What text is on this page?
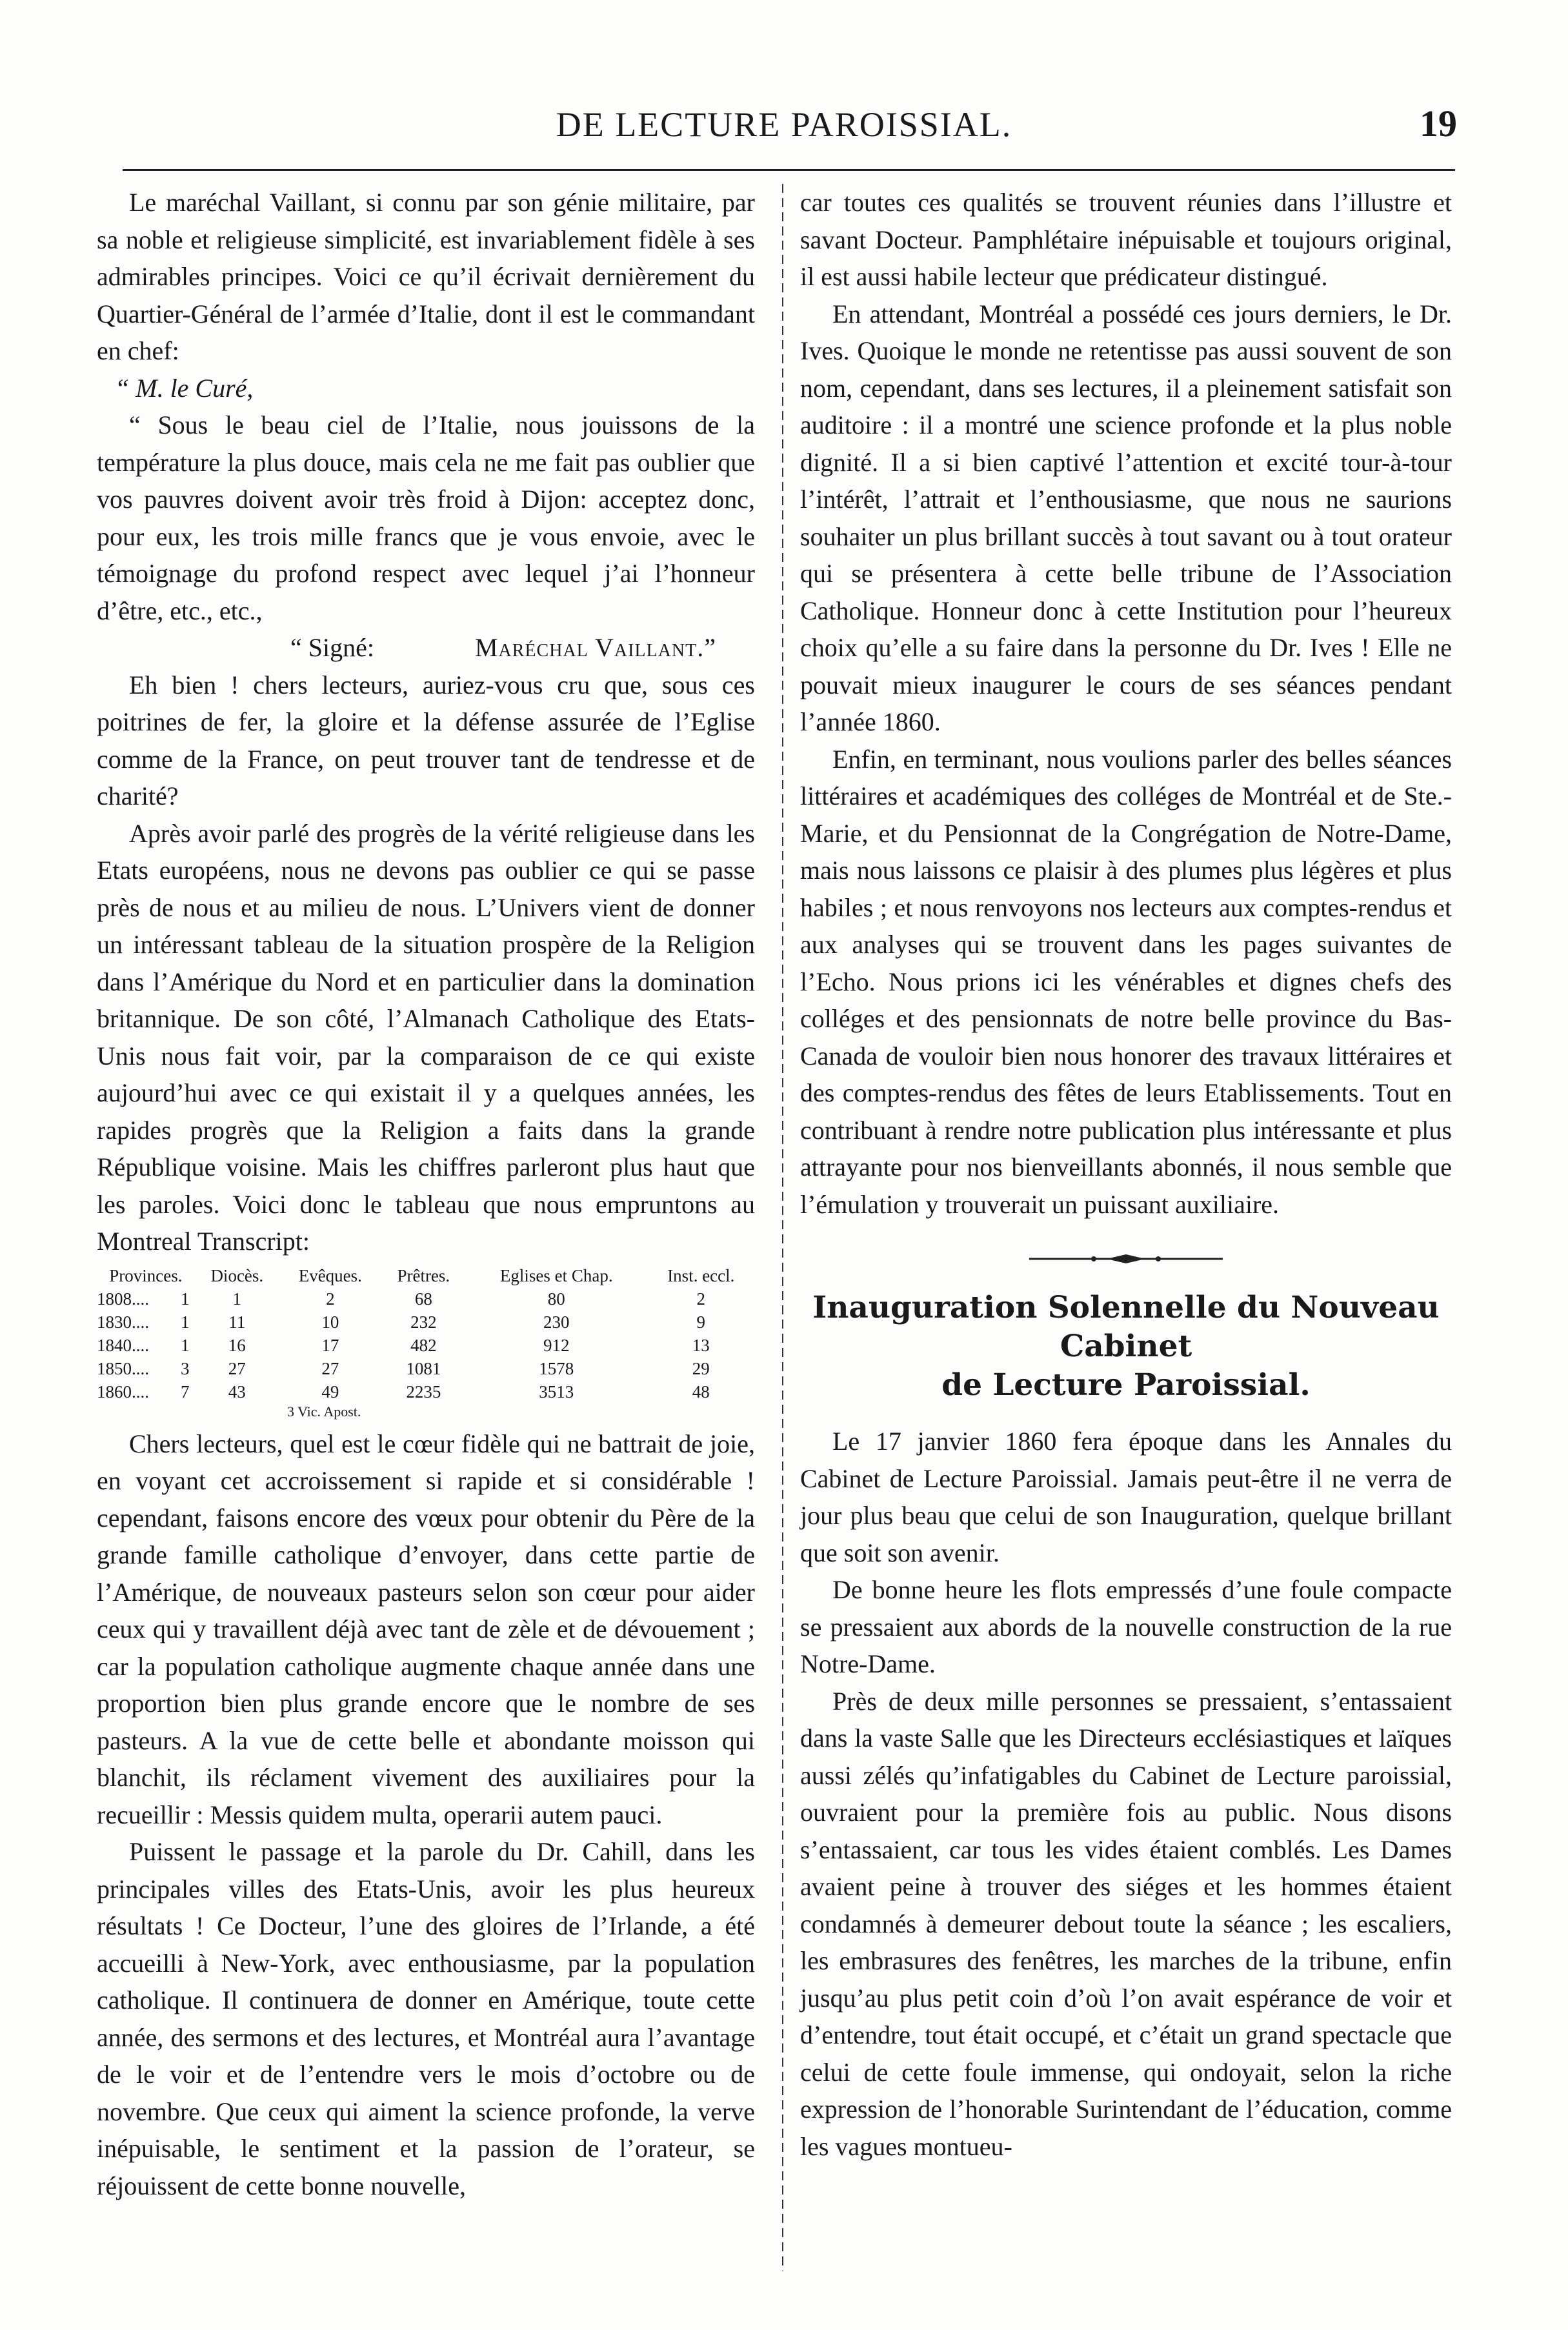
DE LECTURE PAROISSIAL.	19

Le maréchal Vaillant, si connu par son génie militaire, par sa noble et religieuse simplicité, est invariablement fidèle à ses admirables principes. Voici ce qu’il écrivait dernièrement du Quartier-Général de l’armée d’Italie, dont il est le commandant en chef:

“ M. le Curé,

“ Sous le beau ciel de l’Italie, nous jouissons de la température la plus douce, mais cela ne me fait pas oublier que vos pauvres doivent avoir très froid à Dijon: acceptez donc, pour eux, les trois mille francs que je vous envoie, avec le témoignage du profond respect avec lequel j’ai l’honneur d’être, etc., etc.,

“ Signé:	Maréchal Vaillant.”

Eh bien ! chers lecteurs, auriez-vous cru que, sous ces poitrines de fer, la gloire et la défense assurée de l’Eglise comme de la France, on peut trouver tant de tendresse et de charité?

Après avoir parlé des progrès de la vérité religieuse dans les Etats européens, nous ne devons pas oublier ce qui se passe près de nous et au milieu de nous. L’Univers vient de donner un intéressant tableau de la situation prospère de la Religion dans l’Amérique du Nord et en particulier dans la domination britannique. De son côté, l’Almanach Catholique des Etats-Unis nous fait voir, par la comparaison de ce qui existe aujourd’hui avec ce qui existait il y a quelques années, les rapides progrès que la Religion a faits dans la grande République voisine. Mais les chiffres parleront plus haut que les paroles. Voici donc le tableau que nous empruntons au Montreal Transcript:

Provinces.		Diocès.	Evêques.	Prêtres.	Eglises et Chap.	Inst. eccl.
1808....	1	1	2	68	80	2
1830....	1	11	10	232	230	9
1840....	1	16	17	482	912	13
1850....	3	27	27	1081	1578	29
1860....	7	43	49	2235	3513	48
3 Vic. Apost.

Chers lecteurs, quel est le cœur fidèle qui ne battrait de joie, en voyant cet accroissement si rapide et si considérable ! cependant, faisons encore des vœux pour obtenir du Père de la grande famille catholique d’envoyer, dans cette partie de l’Amérique, de nouveaux pasteurs selon son cœur pour aider ceux qui y travaillent déjà avec tant de zèle et de dévouement ; car la population catholique augmente chaque année dans une proportion bien plus grande encore que le nombre de ses pasteurs. A la vue de cette belle et abondante moisson qui blanchit, ils réclament vivement des auxiliaires pour la recueillir : Messis quidem multa, operarii autem pauci.

Puissent le passage et la parole du Dr. Cahill, dans les principales villes des Etats-Unis, avoir les plus heureux résultats ! Ce Docteur, l’une des gloires de l’Irlande, a été accueilli à New-York, avec enthousiasme, par la population catholique. Il continuera de donner en Amérique, toute cette année, des sermons et des lectures, et Montréal aura l’avantage de le voir et de l’entendre vers le mois d’octobre ou de novembre. Que ceux qui aiment la science profonde, la verve inépuisable, le sentiment et la passion de l’orateur, se réjouissent de cette bonne nouvelle,

car toutes ces qualités se trouvent réunies dans l’illustre et savant Docteur. Pamphlétaire inépuisable et toujours original, il est aussi habile lecteur que prédicateur distingué.

En attendant, Montréal a possédé ces jours derniers, le Dr. Ives. Quoique le monde ne retentisse pas aussi souvent de son nom, cependant, dans ses lectures, il a pleinement satisfait son auditoire : il a montré une science profonde et la plus noble dignité. Il a si bien captivé l’attention et excité tour-à-tour l’intérêt, l’attrait et l’enthousiasme, que nous ne saurions souhaiter un plus brillant succès à tout savant ou à tout orateur qui se présentera à cette belle tribune de l’Association Catholique. Honneur donc à cette Institution pour l’heureux choix qu’elle a su faire dans la personne du Dr. Ives ! Elle ne pouvait mieux inaugurer le cours de ses séances pendant l’année 1860.

Enfin, en terminant, nous voulions parler des belles séances littéraires et académiques des colléges de Montréal et de Ste.-Marie, et du Pensionnat de la Congrégation de Notre-Dame, mais nous laissons ce plaisir à des plumes plus légères et plus habiles ; et nous renvoyons nos lecteurs aux comptes-rendus et aux analyses qui se trouvent dans les pages suivantes de l’Echo. Nous prions ici les vénérables et dignes chefs des colléges et des pensionnats de notre belle province du Bas-Canada de vouloir bien nous honorer des travaux littéraires et des comptes-rendus des fêtes de leurs Etablissements. Tout en contribuant à rendre notre publication plus intéressante et plus attrayante pour nos bienveillants abonnés, il nous semble que l’émulation y trouverait un puissant auxiliaire.

Inauguration Solennelle du Nouveau Cabinet
de Lecture Paroissial.

Le 17 janvier 1860 fera époque dans les Annales du Cabinet de Lecture Paroissial. Jamais peut-être il ne verra de jour plus beau que celui de son Inauguration, quelque brillant que soit son avenir.

De bonne heure les flots empressés d’une foule compacte se pressaient aux abords de la nouvelle construction de la rue Notre-Dame.

Près de deux mille personnes se pressaient, s’entassaient dans la vaste Salle que les Directeurs ecclésiastiques et laïques aussi zélés qu’infatigables du Cabinet de Lecture paroissial, ouvraient pour la première fois au public. Nous disons s’entassaient, car tous les vides étaient comblés. Les Dames avaient peine à trouver des siéges et les hommes étaient condamnés à demeurer debout toute la séance ; les escaliers, les embrasures des fenêtres, les marches de la tribune, enfin jusqu’au plus petit coin d’où l’on avait espérance de voir et d’entendre, tout était occupé, et c’était un grand spectacle que celui de cette foule immense, qui ondoyait, selon la riche expression de l’honorable Surintendant de l’éducation, comme les vagues montueu-
